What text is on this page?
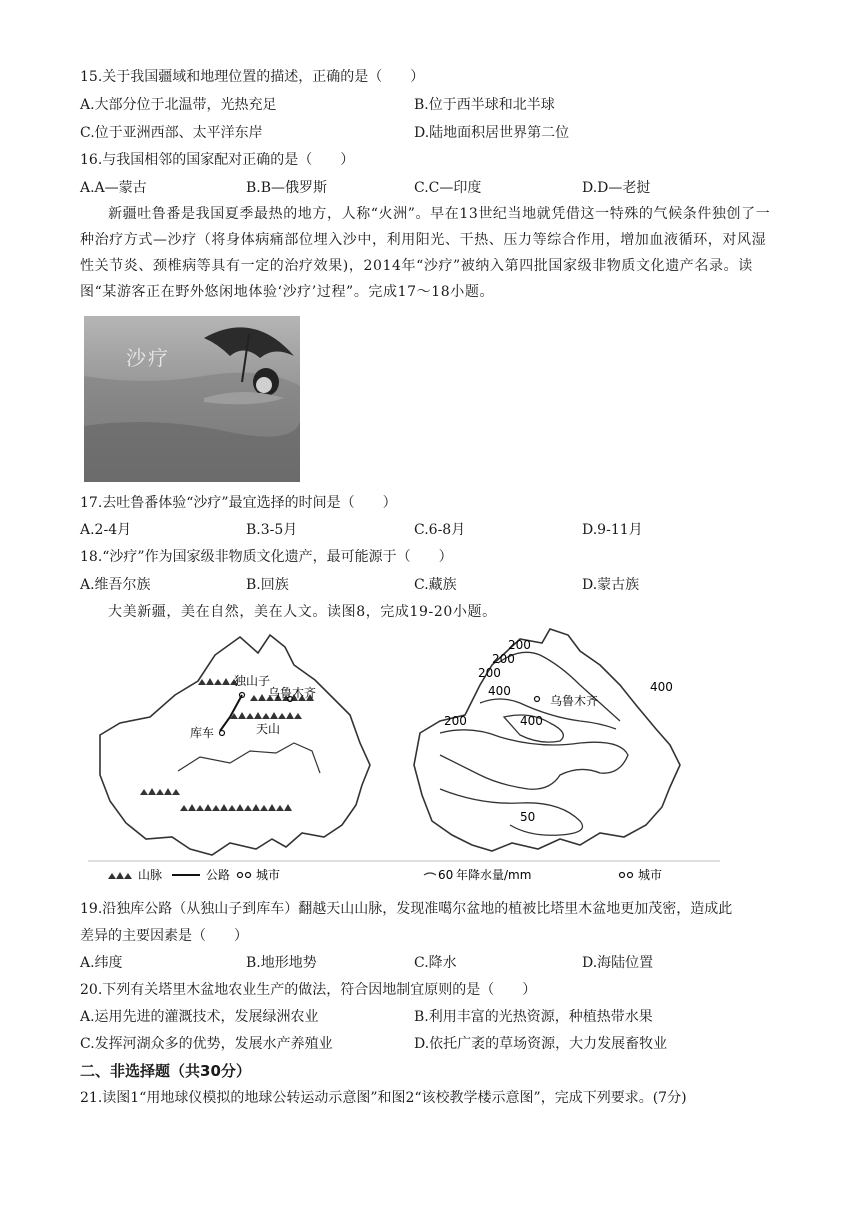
15.关于我国疆域和地理位置的描述，正确的是（　　）
A.大部分位于北温带，光热充足	B.位于西半球和北半球
C.位于亚洲西部、太平洋东岸	D.陆地面积居世界第二位
16.与我国相邻的国家配对正确的是（　　）
A.A—蒙古	B.B—俄罗斯	C.C—印度	D.D—老挝
新疆吐鲁番是我国夏季最热的地方，人称“火洲”。早在13世纪当地就凭借这一特殊的气候条件独创了一种治疗方式—沙疗（将身体病痛部位埋入沙中，利用阳光、干热、压力等综合作用，增加血液循环，对风湿性关节炎、颈椎病等具有一定的治疗效果)，2014年“沙疗”被纳入第四批国家级非物质文化遗产名录。读图“某游客正在野外悠闲地体验‘沙疗’过程”。完成17～18小题。
沙疗
17.去吐鲁番体验“沙疗”最宜选择的时间是（　　）
A.2-4月	B.3-5月	C.6-8月	D.9-11月
18.“沙疗”作为国家级非物质文化遗产，最可能源于（　　）
A.维吾尔族	B.回族	C.藏族	D.蒙古族
大美新疆，美在自然，美在人文。读图8，完成19-20小题。
独山子
乌鲁木齐
库车	天山
乌鲁木齐
200
200
200
400
400
400
200
50
山脉	公路 城市	60 年降水量/mm	城市
19.沿独库公路（从独山子到库车）翻越天山山脉，发现准噶尔盆地的植被比塔里木盆地更加茂密，造成此
差异的主要因素是（　　）
A.纬度	B.地形地势	C.降水	D.海陆位置
20.下列有关塔里木盆地农业生产的做法，符合因地制宜原则的是（　　）
A.运用先进的灌溉技术，发展绿洲农业	B.利用丰富的光热资源，种植热带水果
C.发挥河湖众多的优势，发展水产养殖业	D.依托广袤的草场资源，大力发展畜牧业
二、非选择题（共30分）
21.读图1“用地球仪模拟的地球公转运动示意图”和图2“该校教学楼示意图”，完成下列要求。(7分)
